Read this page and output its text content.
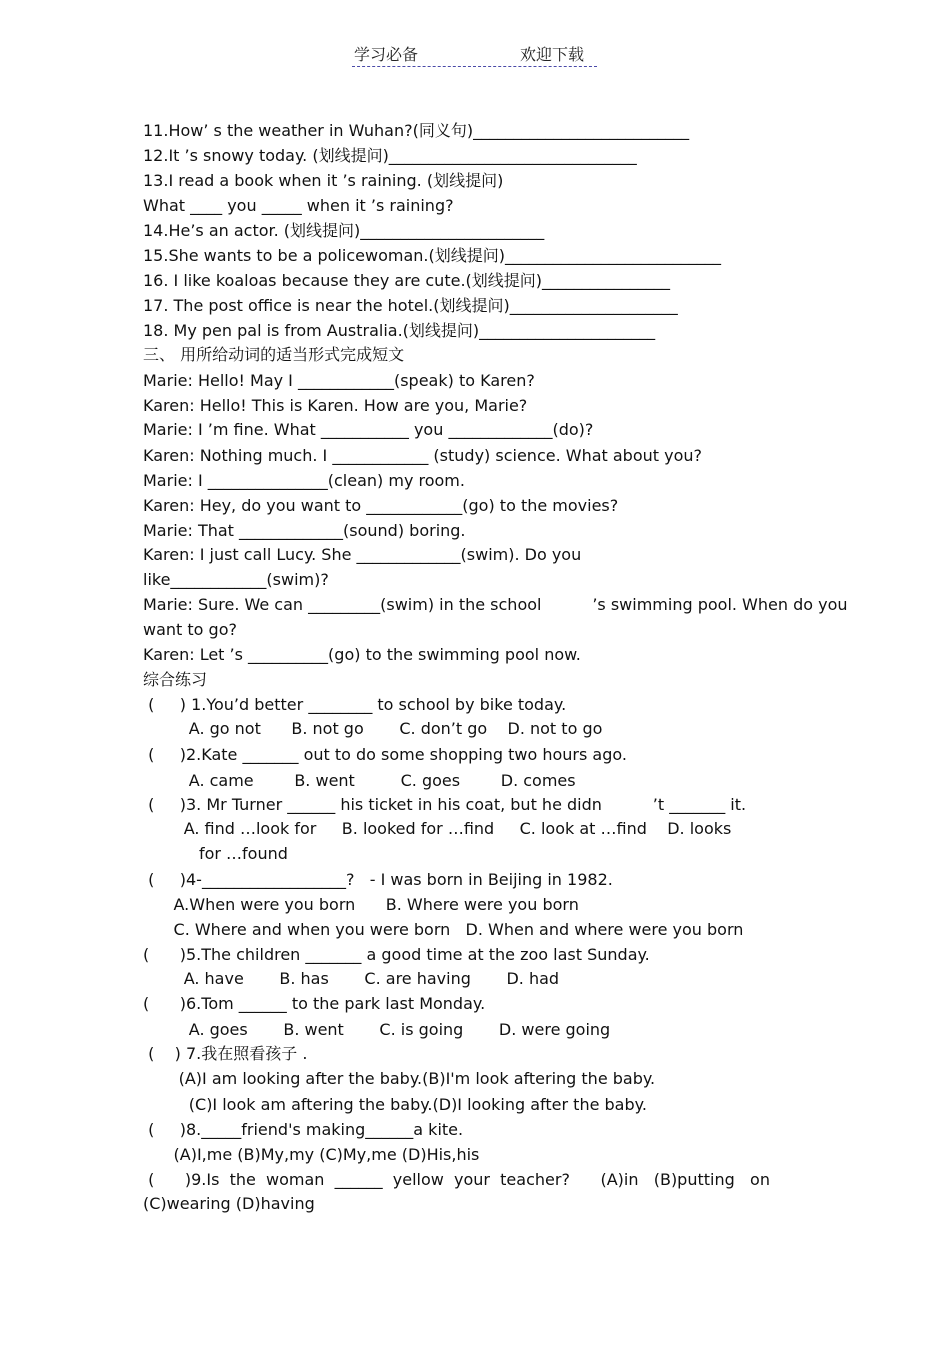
学习必备	欢迎下载
11.How’ s the weather in Wuhan?(同义句)___________________________
12.It ’s snowy today. (划线提问)_______________________________
13.I read a book when it ’s raining. (划线提问)
What ____ you _____ when it ’s raining?
14.He’s an actor. (划线提问)_______________________
15.She wants to be a policewoman.(划线提问)___________________________
16. I like koaloas because they are cute.(划线提问)________________
17. The post office is near the hotel.(划线提问)_____________________
18. My pen pal is from Australia.(划线提问)______________________
三、 用所给动词的适当形式完成短文
Marie: Hello! May I ____________(speak) to Karen?
Karen: Hello! This is Karen. How are you, Marie?
Marie: I ’m fine. What ___________ you _____________(do)?
Karen: Nothing much. I ____________ (study) science. What about you?
Marie: I _______________(clean) my room.
Karen: Hey, do you want to ____________(go) to the movies?
Marie: That _____________(sound) boring.
Karen: I just call Lucy. She _____________(swim). Do you
like____________(swim)?
Marie: Sure. We can _________(swim) in the school          ’s swimming pool. When do you
want to go?
Karen: Let ’s __________(go) to the swimming pool now.
综合练习
(     ) 1.You’d better ________ to school by bike today.
A. go not      B. not go       C. don’t go    D. not to go
(     )2.Kate _______ out to do some shopping two hours ago.
A. came        B. went         C. goes        D. comes
(     )3. Mr Turner ______ his ticket in his coat, but he didn          ’t _______ it.
A. find …look for     B. looked for …find     C. look at …find    D. looks
for …found
(     )4-__________________?   - I was born in Beijing in 1982.
A.When were you born      B. Where were you born
C. Where and when you were born   D. When and where were you born
(      )5.The children _______ a good time at the zoo last Sunday.
A. have       B. has       C. are having       D. had
(      )6.Tom ______ to the park last Monday.
A. goes       B. went       C. is going       D. were going
(    ) 7.我在照看孩子 .
(A)I am looking after the baby.(B)I'm look aftering the baby.
(C)I look am aftering the baby.(D)I looking after the baby.
(     )8._____friend's making______a kite.
(A)I,me (B)My,my (C)My,me (D)His,his
(      )9.Is  the  woman  ______  yellow  your  teacher?      (A)in   (B)putting   on
(C)wearing (D)having
